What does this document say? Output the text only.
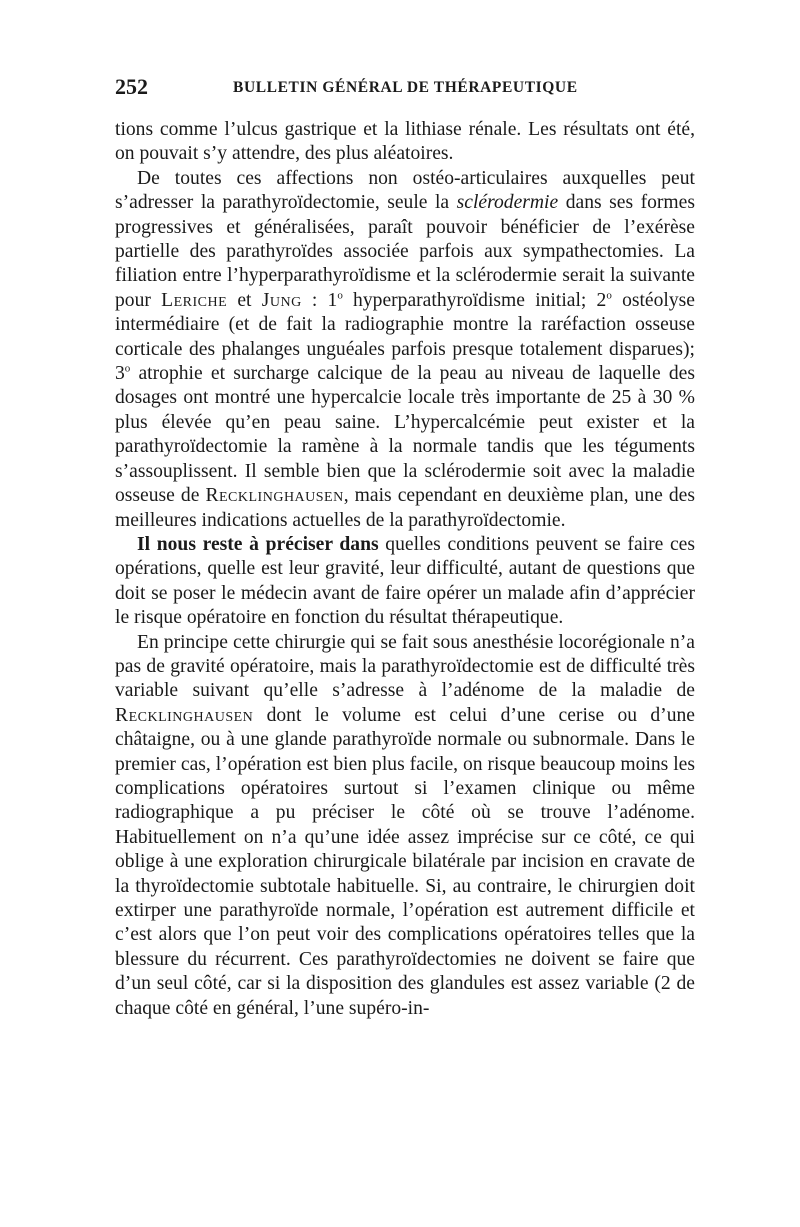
252	BULLETIN GÉNÉRAL DE THÉRAPEUTIQUE

tions comme l’ulcus gastrique et la lithiase rénale. Les résultats ont été, on pouvait s’y attendre, des plus aléatoires.

De toutes ces affections non ostéo-articulaires auxquelles peut s’adresser la parathyroïdectomie, seule la sclérodermie dans ses formes progressives et généralisées, paraît pouvoir bénéficier de l’exérèse partielle des parathyroïdes associée parfois aux sympathectomies. La filiation entre l’hyperparathyroïdisme et la sclérodermie serait la suivante pour Leriche et Jung : 1$^o$ hyperparathyroïdisme initial; 2$^o$ ostéolyse intermédiaire (et de fait la radiographie montre la raréfaction osseuse corticale des phalanges unguéales parfois presque totalement disparues); 3$^o$ atrophie et surcharge calcique de la peau au niveau de laquelle des dosages ont montré une hypercalcie locale très importante de 25 à 30 % plus élevée qu’en peau saine. L’hypercalcémie peut exister et la parathyroïdectomie la ramène à la normale tandis que les téguments s’assouplissent. Il semble bien que la sclérodermie soit avec la maladie osseuse de Recklinghausen, mais cependant en deuxième plan, une des meilleures indications actuelles de la parathyroïdectomie.

Il nous reste à préciser dans quelles conditions peuvent se faire ces opérations, quelle est leur gravité, leur difficulté, autant de questions que doit se poser le médecin avant de faire opérer un malade afin d’apprécier le risque opératoire en fonction du résultat thérapeutique.

En principe cette chirurgie qui se fait sous anesthésie locorégionale n’a pas de gravité opératoire, mais la parathyroïdectomie est de difficulté très variable suivant qu’elle s’adresse à l’adénome de la maladie de Recklinghausen dont le volume est celui d’une cerise ou d’une châtaigne, ou à une glande parathyroïde normale ou subnormale. Dans le premier cas, l’opération est bien plus facile, on risque beaucoup moins les complications opératoires surtout si l’examen clinique ou même radiographique a pu préciser le côté où se trouve l’adénome. Habituellement on n’a qu’une idée assez imprécise sur ce côté, ce qui oblige à une exploration chirurgicale bilatérale par incision en cravate de la thyroïdectomie subtotale habituelle. Si, au contraire, le chirurgien doit extirper une parathyroïde normale, l’opération est autrement difficile et c’est alors que l’on peut voir des complications opératoires telles que la blessure du récurrent. Ces parathyroïdectomies ne doivent se faire que d’un seul côté, car si la disposition des glandules est assez variable (2 de chaque côté en général, l’une supéro-in-
